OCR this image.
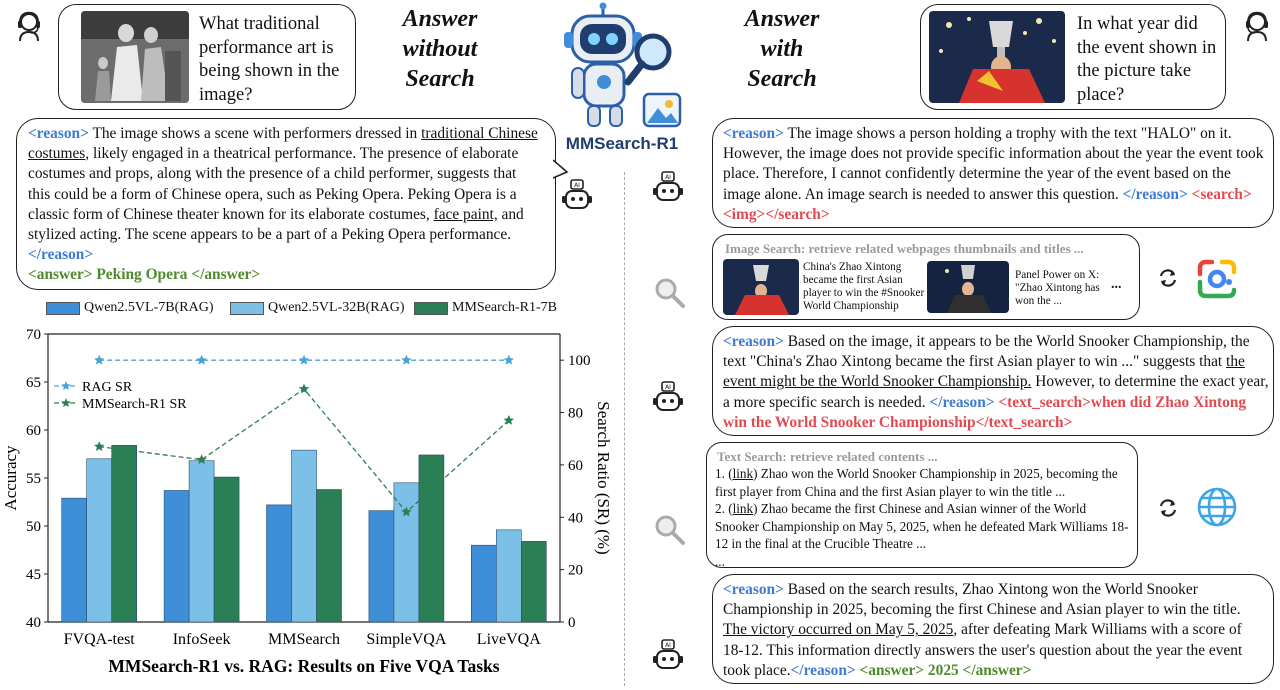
What traditional performance art is being shown in the image?
Answer
without
Search
MMSearch-R1
Answer
with
Search
In what year did the event shown in the picture take place?
<reason> The image shows a scene with performers dressed in traditional Chinese costumes, likely engaged in a theatrical performance. The presence of elaborate costumes and props, along with the presence of a child performer, suggests that this could be a form of Chinese opera, such as Peking Opera. Peking Opera is a classic form of Chinese theater known for its elaborate costumes, face paint, and stylized acting. The scene appears to be a part of a Peking Opera performance. </reason>
<answer> Peking Opera </answer>
AI
Qwen2.5VL-7B(RAG)	Qwen2.5VL-32B(RAG)	MMSearch-R1-7B
40
45
50
55
60
65
70
0
20
40
60
80
100
FVQA-test InfoSeek MMSearch SimpleVQA LiveVQA
RAG SR
MMSearch-R1 SR
Accuracy	Search Ratio (SR) (%)
MMSearch-R1 vs. RAG: Results on Five VQA Tasks
AI
AI
AI
<reason> The image shows a person holding a trophy with the text "HALO" on it. However, the image does not provide specific information about the year the event took place. Therefore, I cannot confidently determine the year of the event based on the image alone. An image search is needed to answer this question. </reason> <search><img></search>
Image Search: retrieve related webpages thumbnails and titles ...
China's Zhao Xintong became the first Asian player to win the #Snooker World Championship
Panel Power on X: "Zhao Xintong has won the ...
...
<reason> Based on the image, it appears to be the World Snooker Championship, the text "China's Zhao Xintong became the first Asian player to win ..." suggests that the event might be the World Snooker Championship. However, to determine the exact year, a more specific search is needed. </reason> <text_search>when did Zhao Xintong win the World Snooker Championship</text_search>
Text Search: retrieve related contents ...
1. (link) Zhao won the World Snooker Championship in 2025, becoming the first player from China and the first Asian player to win the title ...
2. (link) Zhao became the first Chinese and Asian winner of the World Snooker Championship on May 5, 2025, when he defeated Mark Williams 18-12 in the final at the Crucible Theatre ...
...
<reason> Based on the search results, Zhao Xintong won the World Snooker Championship in 2025, becoming the first Chinese and Asian player to win the title. The victory occurred on May 5, 2025, after defeating Mark Williams with a score of 18-12. This information directly answers the user's question about the year the event took place.</reason> <answer> 2025 </answer>
